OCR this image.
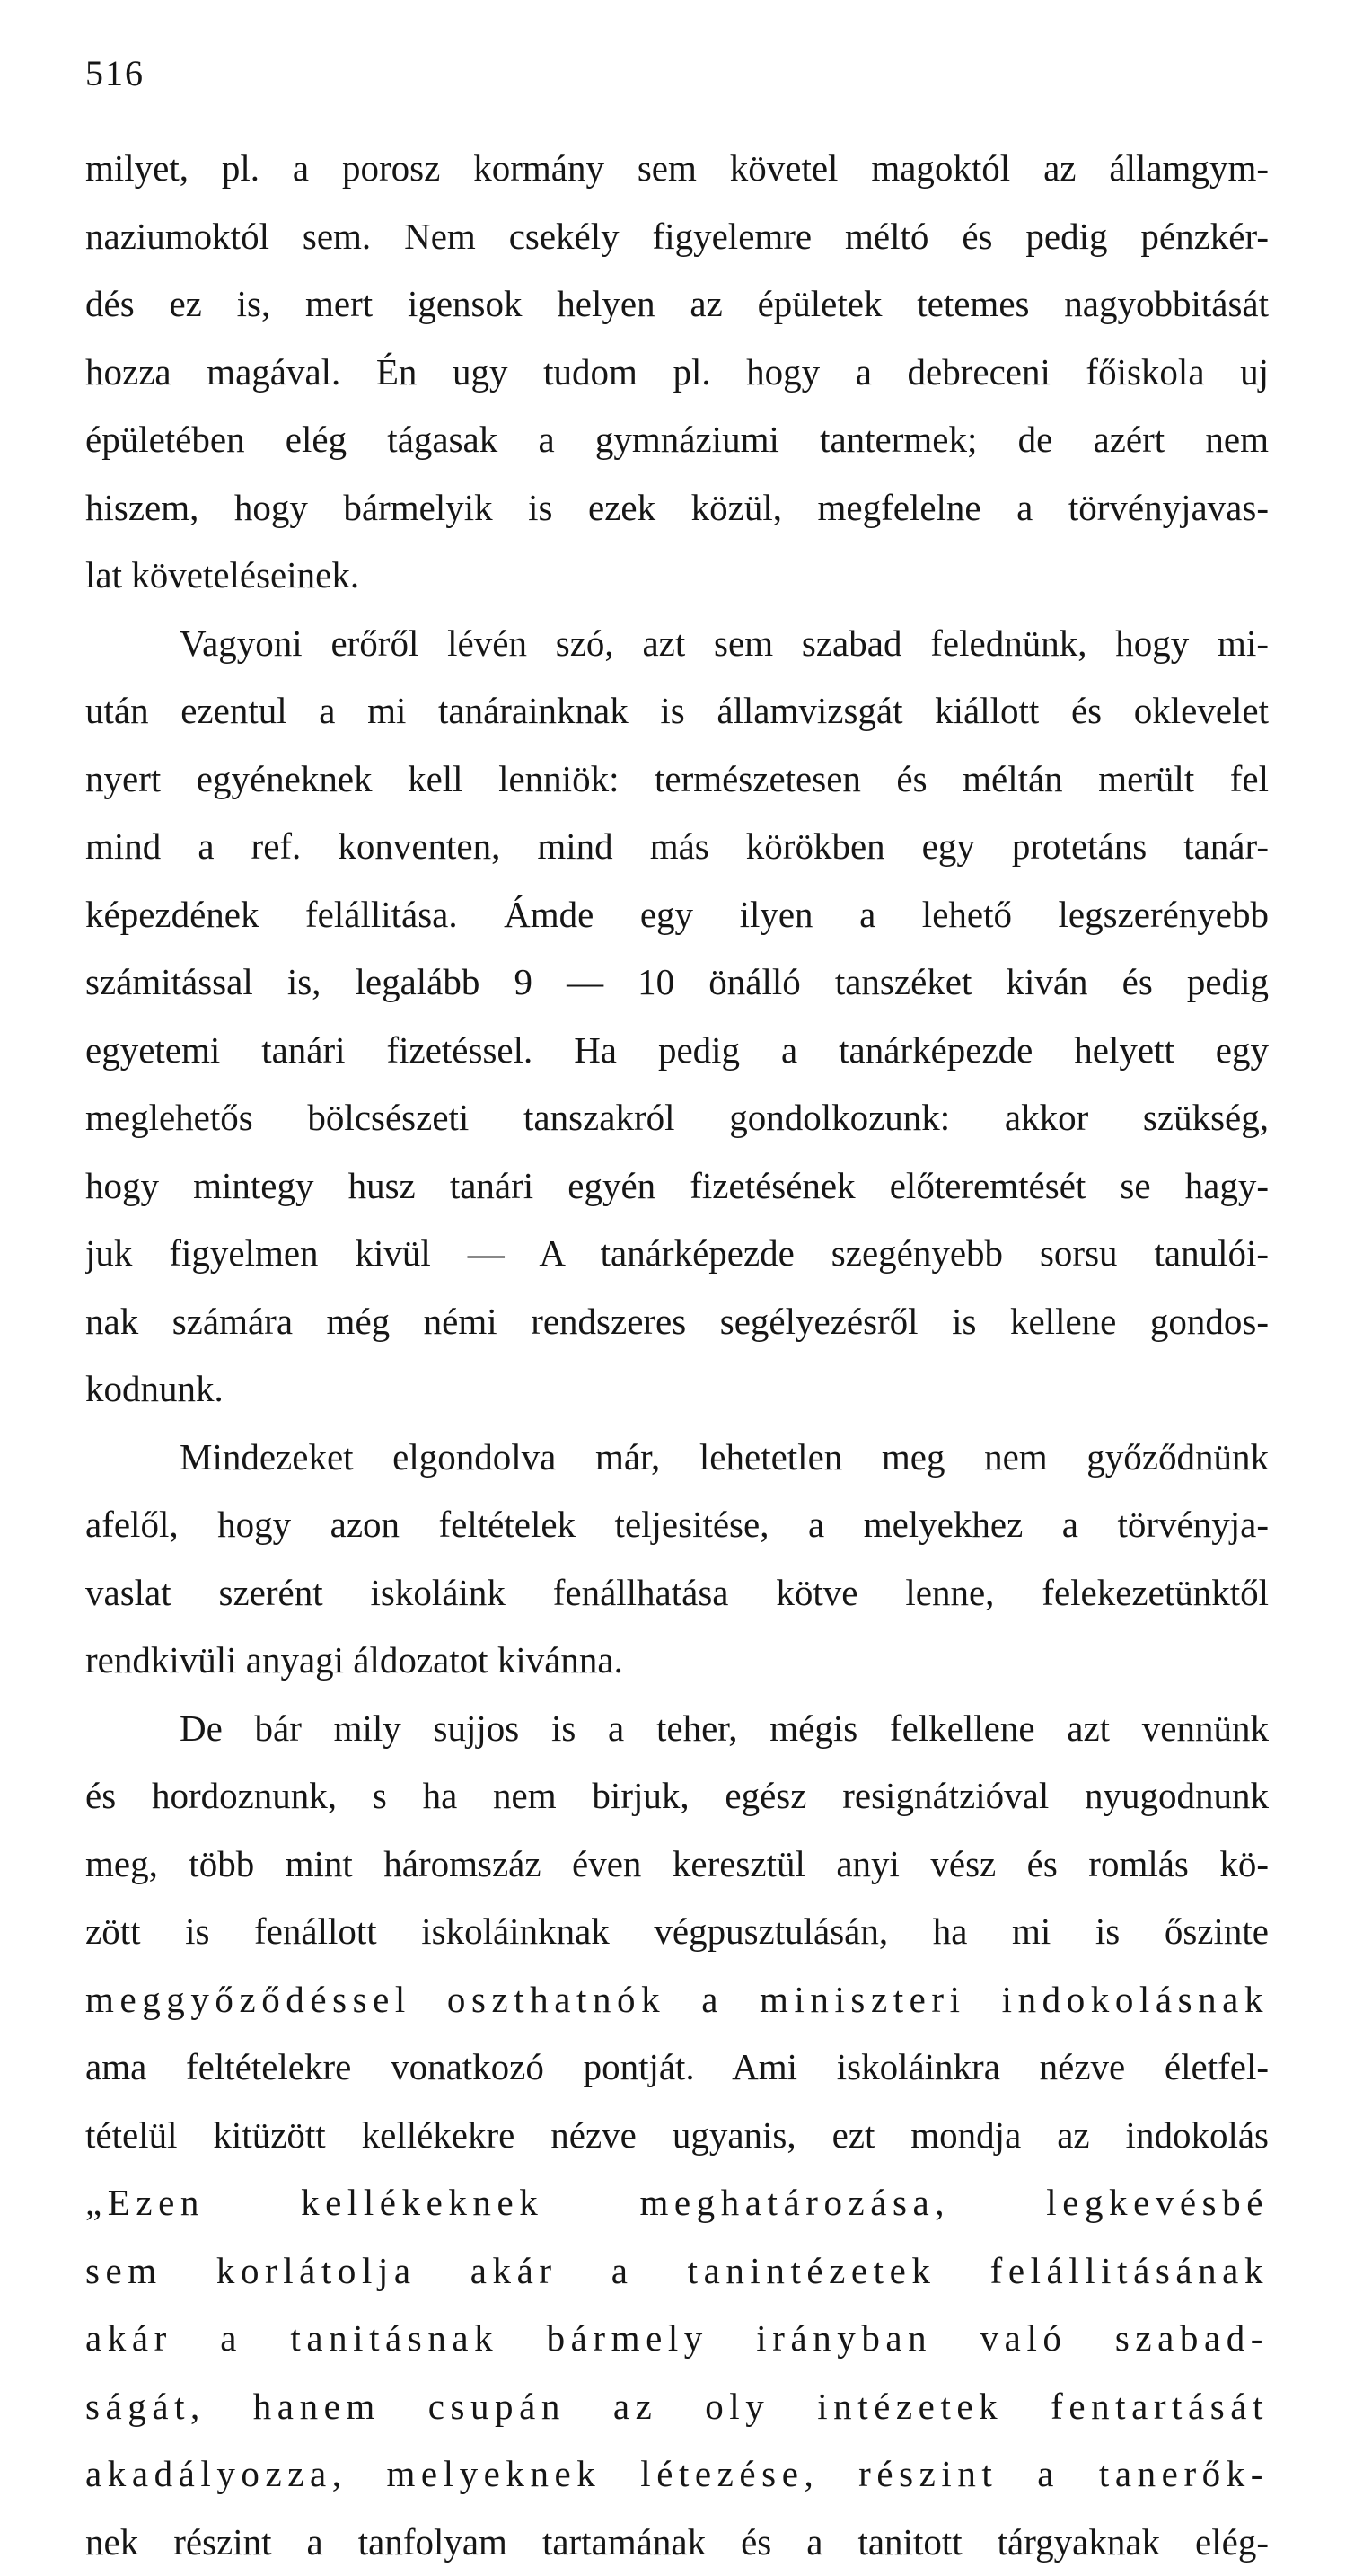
516
milyet, pl. a porosz kormány sem követel magoktól az államgym-
naziumoktól sem. Nem csekély figyelemre méltó és pedig pénzkér-
dés ez is, mert igensok helyen az épületek tetemes nagyobbitását
hozza magával. Én ugy tudom pl. hogy a debreceni főiskola uj
épületében elég tágasak a gymnáziumi tantermek; de azért nem
hiszem, hogy bármelyik is ezek közül, megfelelne a törvényjavas-
lat követeléseinek.
Vagyoni erőről lévén szó, azt sem szabad felednünk, hogy mi-
után ezentul a mi tanárainknak is államvizsgát kiállott és oklevelet
nyert egyéneknek kell lenniök: természetesen és méltán merült fel
mind a ref. konventen, mind más körökben egy protetáns tanár-
képezdének felállitása. Ámde egy ilyen a lehető legszerényebb
számitással is, legalább 9 — 10 önálló tanszéket kiván és pedig
egyetemi tanári fizetéssel. Ha pedig a tanárképezde helyett egy
meglehetős bölcsészeti tanszakról gondolkozunk: akkor szükség,
hogy mintegy husz tanári egyén fizetésének előteremtését se hagy-
juk figyelmen kivül — A tanárképezde szegényebb sorsu tanulói-
nak számára még némi rendszeres segélyezésről is kellene gondos-
kodnunk.
Mindezeket elgondolva már, lehetetlen meg nem győződnünk
afelől, hogy azon feltételek teljesitése, a melyekhez a törvényja-
vaslat szerént iskoláink fenállhatása kötve lenne, felekezetünktől
rendkivüli anyagi áldozatot kivánna.
De bár mily sujjos is a teher, mégis felkellene azt vennünk
és hordoznunk, s ha nem birjuk, egész resignátzióval nyugodnunk
meg, több mint háromszáz éven keresztül anyi vész és romlás kö-
zött is fenállott iskoláinknak végpusztulásán, ha mi is őszinte
meggyőződéssel oszthatnók a miniszteri indokolásnak
ama feltételekre vonatkozó pontját. Ami iskoláinkra nézve életfel-
tételül kitüzött kellékekre nézve ugyanis, ezt mondja az indokolás
„Ezen kellékeknek meghatározása, legkevésbé
sem korlátolja akár a tanintézetek felállitásának
akár a tanitásnak bármely irányban való szabad-
ságát, hanem csupán az oly intézetek fentartását
akadályozza, melyeknek létezése, részint a tanerők-
nek részint a tanfolyam tartamának és a tanitott tárgyaknak elég-
